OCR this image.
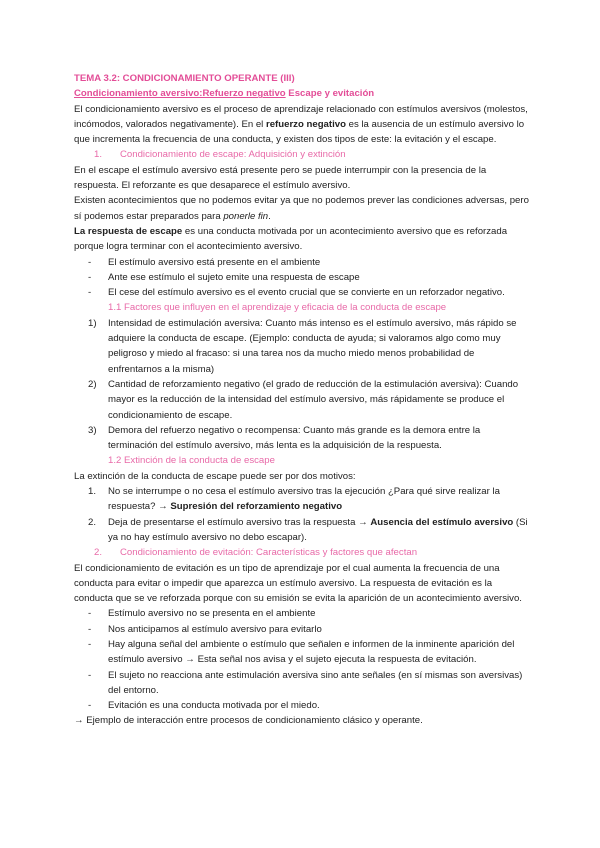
TEMA 3.2: CONDICIONAMIENTO OPERANTE (III)

Condicionamiento aversivo:Refuerzo negativo Escape y evitación

El condicionamiento aversivo es el proceso de aprendizaje relacionado con estímulos aversivos (molestos, incómodos, valorados negativamente). En el refuerzo negativo es la ausencia de un estímulo aversivo lo que incrementa la frecuencia de una conducta, y existen dos tipos de este: la evitación y el escape.

1. Condicionamiento de escape: Adquisición y extinción

En el escape el estímulo aversivo está presente pero se puede interrumpir con la presencia de la respuesta. El reforzante es que desaparece el estímulo aversivo.

Existen acontecimientos que no podemos evitar ya que no podemos prever las condiciones adversas, pero sí podemos estar preparados para ponerle fin.

La respuesta de escape es una conducta motivada por un acontecimiento aversivo que es reforzada porque logra terminar con el acontecimiento aversivo.

- El estímulo aversivo está presente en el ambiente
- Ante ese estímulo el sujeto emite una respuesta de escape
- El cese del estímulo aversivo es el evento crucial que se convierte en un reforzador negativo.

1.1 Factores que influyen en el aprendizaje y eficacia de la conducta de escape

1) Intensidad de estimulación aversiva: Cuanto más intenso es el estímulo aversivo, más rápido se adquiere la conducta de escape. (Ejemplo: conducta de ayuda; si valoramos algo como muy peligroso y miedo al fracaso: si una tarea nos da mucho miedo menos probabilidad de enfrentarnos a la misma)
2) Cantidad de reforzamiento negativo (el grado de reducción de la estimulación aversiva): Cuando mayor es la reducción de la intensidad del estímulo aversivo, más rápidamente se produce el condicionamiento de escape.
3) Demora del refuerzo negativo o recompensa: Cuanto más grande es la demora entre la terminación del estímulo aversivo, más lenta es la adquisición de la respuesta.

1.2 Extinción de la conducta de escape

La extinción de la conducta de escape puede ser por dos motivos:

1. No se interrumpe o no cesa el estímulo aversivo tras la ejecución ¿Para qué sirve realizar la respuesta? → Supresión del reforzamiento negativo
2. Deja de presentarse el estímulo aversivo tras la respuesta → Ausencia del estímulo aversivo (Si ya no hay estímulo aversivo no debo escapar).

2. Condicionamiento de evitación: Características y factores que afectan

El condicionamiento de evitación es un tipo de aprendizaje por el cual aumenta la frecuencia de una conducta para evitar o impedir que aparezca un estímulo aversivo. La respuesta de evitación es la conducta que se ve reforzada porque con su emisión se evita la aparición de un acontecimiento aversivo.

- Estímulo aversivo no se presenta en el ambiente
- Nos anticipamos al estímulo aversivo para evitarlo
- Hay alguna señal del ambiente o estímulo que señalen e informen de la inminente aparición del estímulo aversivo → Esta señal nos avisa y el sujeto ejecuta la respuesta de evitación.
- El sujeto no reacciona ante estimulación aversiva sino ante señales (en sí mismas son aversivas) del entorno.
- Evitación es una conducta motivada por el miedo.

→ Ejemplo de interacción entre procesos de condicionamiento clásico y operante.
